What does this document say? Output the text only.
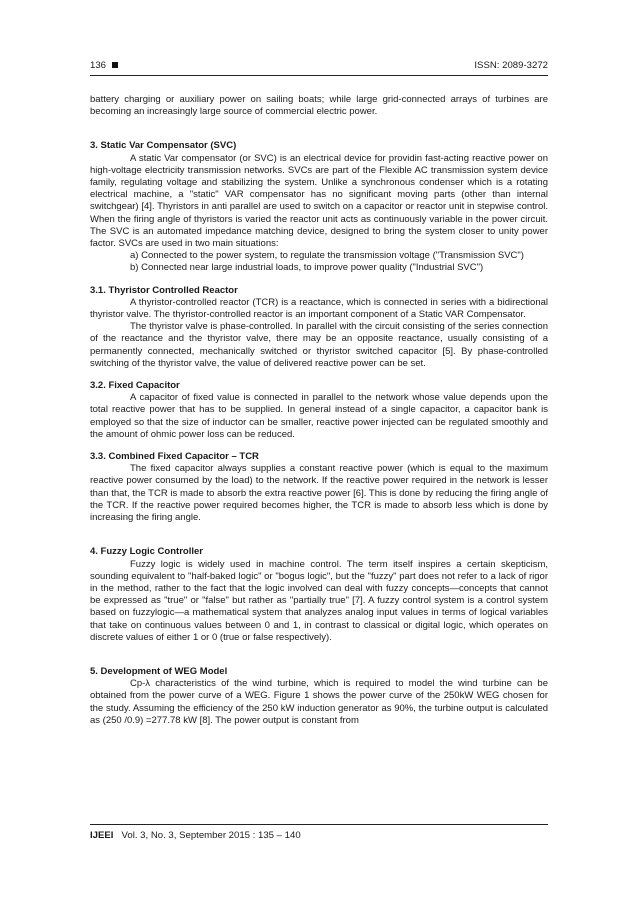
136	ISSN: 2089-3272

battery charging or auxiliary power on sailing boats; while large grid-connected arrays of turbines are becoming an increasingly large source of commercial electric power.

3. Static Var Compensator (SVC)

A static Var compensator (or SVC) is an electrical device for providin fast-acting reactive power on high-voltage electricity transmission networks. SVCs are part of the Flexible AC transmission system device family, regulating voltage and stabilizing the system. Unlike a synchronous condenser which is a rotating electrical machine, a "static" VAR compensator has no significant moving parts (other than internal switchgear) [4]. Thyristors in anti parallel are used to switch on a capacitor or reactor unit in stepwise control. When the firing angle of thyristors is varied the reactor unit acts as continuously variable in the power circuit. The SVC is an automated impedance matching device, designed to bring the system closer to unity power factor. SVCs are used in two main situations:

a) Connected to the power system, to regulate the transmission voltage ("Transmission SVC")

b) Connected near large industrial loads, to improve power quality ("Industrial SVC")

3.1. Thyristor Controlled Reactor

A thyristor-controlled reactor (TCR) is a reactance, which is connected in series with a bidirectional thyristor valve. The thyristor-controlled reactor is an important component of a Static VAR Compensator.

The thyristor valve is phase-controlled. In parallel with the circuit consisting of the series connection of the reactance and the thyristor valve, there may be an opposite reactance, usually consisting of a permanently connected, mechanically switched or thyristor switched capacitor [5]. By phase-controlled switching of the thyristor valve, the value of delivered reactive power can be set.

3.2. Fixed Capacitor

A capacitor of fixed value is connected in parallel to the network whose value depends upon the total reactive power that has to be supplied. In general instead of a single capacitor, a capacitor bank is employed so that the size of inductor can be smaller, reactive power injected can be regulated smoothly and the amount of ohmic power loss can be reduced.

3.3. Combined Fixed Capacitor – TCR

The fixed capacitor always supplies a constant reactive power (which is equal to the maximum reactive power consumed by the load) to the network. If the reactive power required in the network is lesser than that, the TCR is made to absorb the extra reactive power [6]. This is done by reducing the firing angle of the TCR. If the reactive power required becomes higher, the TCR is made to absorb less which is done by increasing the firing angle.

4. Fuzzy Logic Controller

Fuzzy logic is widely used in machine control. The term itself inspires a certain skepticism, sounding equivalent to "half-baked logic" or "bogus logic", but the "fuzzy" part does not refer to a lack of rigor in the method, rather to the fact that the logic involved can deal with fuzzy concepts—concepts that cannot be expressed as "true" or "false" but rather as "partially true" [7]. A fuzzy control system is a control system based on fuzzylogic—a mathematical system that analyzes analog input values in terms of logical variables that take on continuous values between 0 and 1, in contrast to classical or digital logic, which operates on discrete values of either 1 or 0 (true or false respectively).

5. Development of WEG Model

Cp-λ characteristics of the wind turbine, which is required to model the wind turbine can be obtained from the power curve of a WEG. Figure 1 shows the power curve of the 250kW WEG chosen for the study. Assuming the efficiency of the 250 kW induction generator as 90%, the turbine output is calculated as (250 /0.9) =277.78 kW [8]. The power output is constant from

IJEEI Vol. 3, No. 3, September 2015 : 135 – 140
